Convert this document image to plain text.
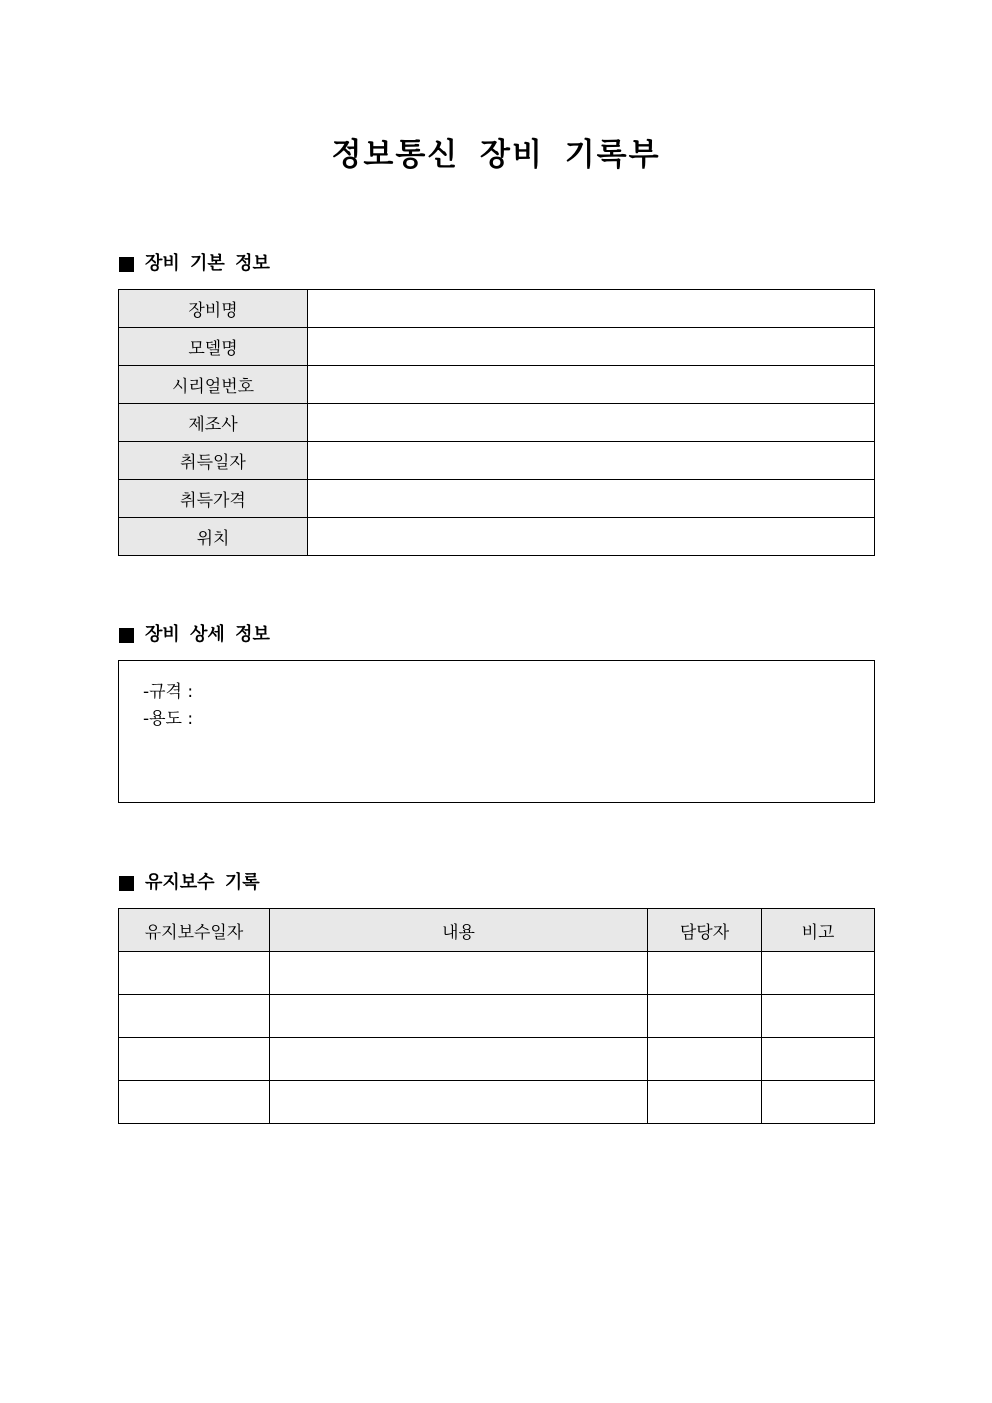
정보통신 장비 기록부
장비 기본 정보
장비명	
모델명	
시리얼번호	
제조사	
취득일자	
취득가격	
위치	
장비 상세 정보
-규격 :
-용도 :
유지보수 기록
유지보수일자	내용	담당자	비고
